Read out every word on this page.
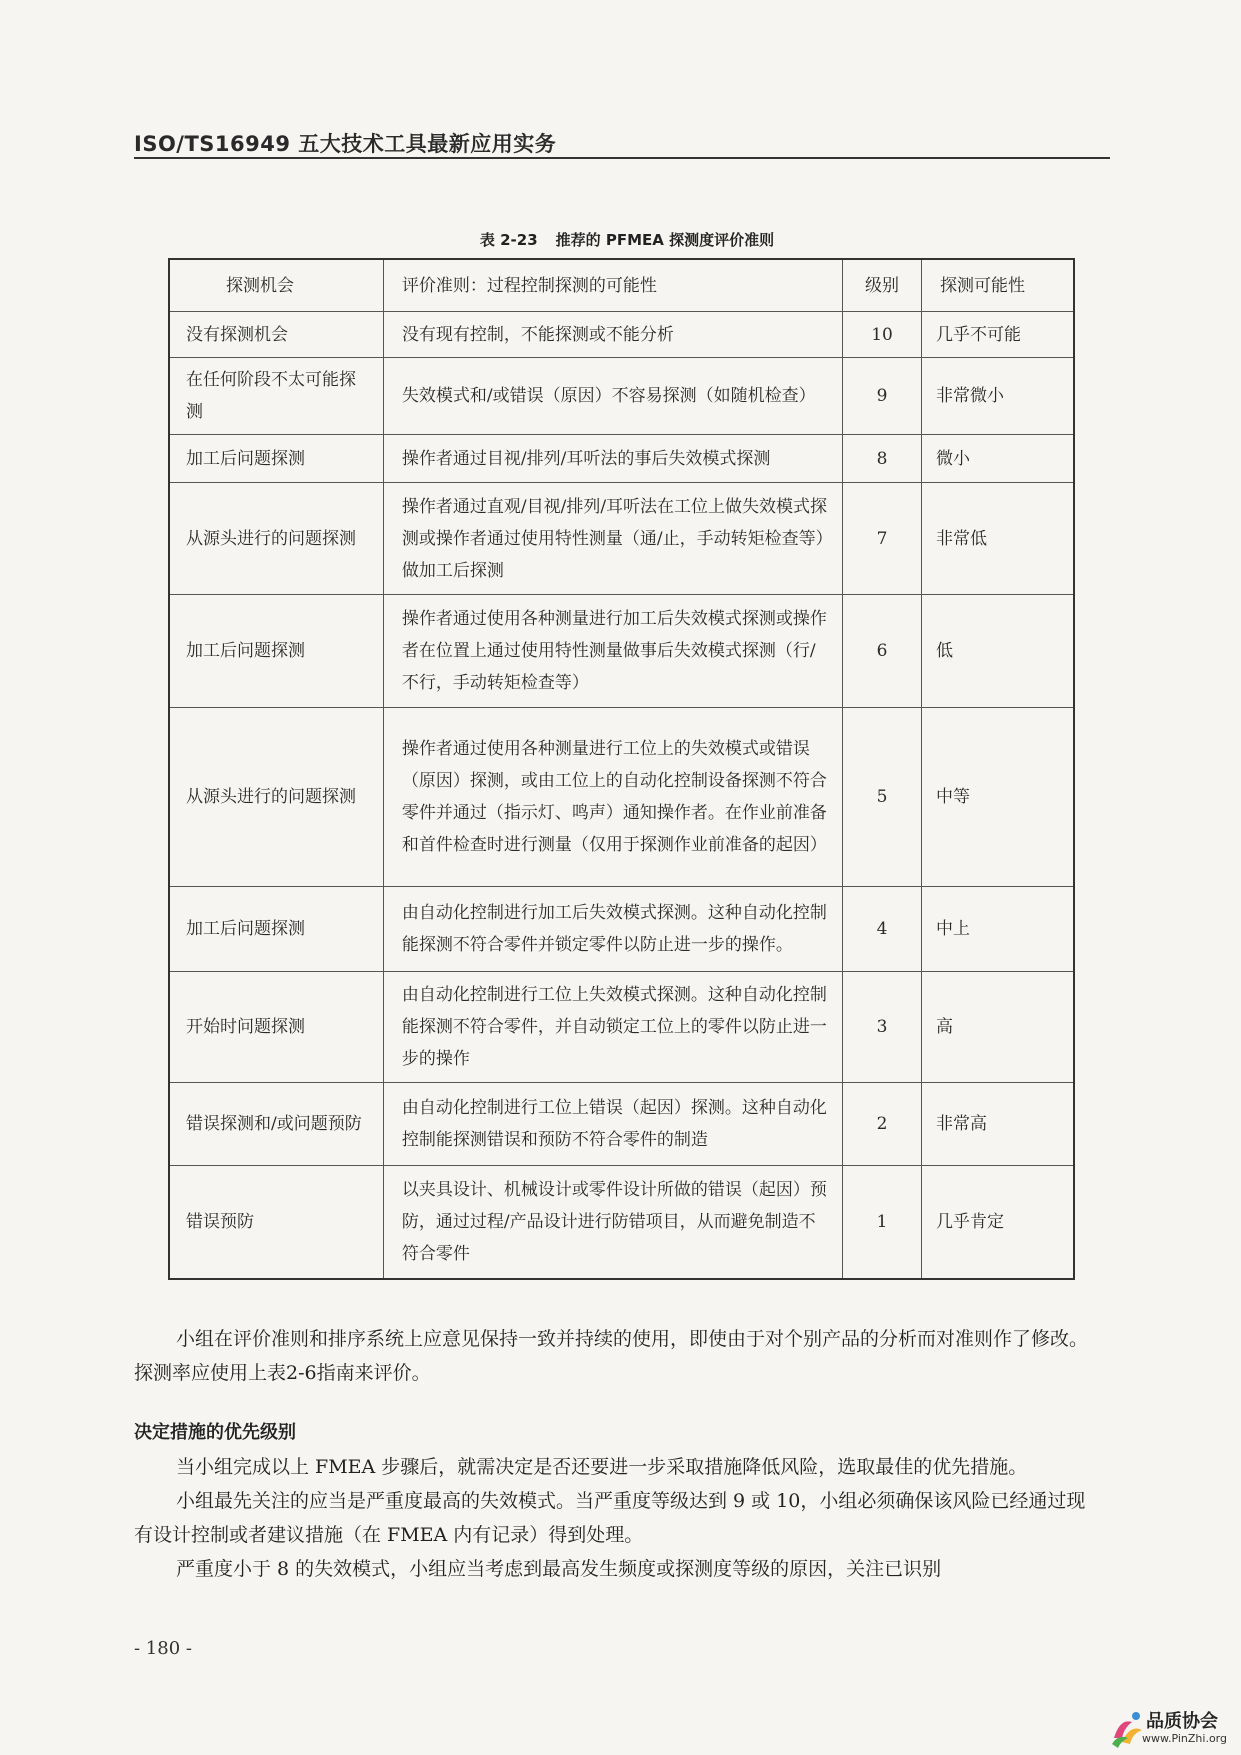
ISO/TS16949 五大技术工具最新应用实务
表 2-23 推荐的 PFMEA 探测度评价准则
探测机会	评价准则：过程控制探测的可能性	级别	探测可能性
没有探测机会	没有现有控制，不能探测或不能分析	10	几乎不可能
在任何阶段不太可能探测	失效模式和/或错误（原因）不容易探测（如随机检查）	9	非常微小
加工后问题探测	操作者通过目视/排列/耳听法的事后失效模式探测	8	微小
从源头进行的问题探测	操作者通过直观/目视/排列/耳听法在工位上做失效模式探测或操作者通过使用特性测量（通/止，手动转矩检查等）做加工后探测	7	非常低
加工后问题探测	操作者通过使用各种测量进行加工后失效模式探测或操作者在位置上通过使用特性测量做事后失效模式探测（行/不行，手动转矩检查等）	6	低
从源头进行的问题探测	操作者通过使用各种测量进行工位上的失效模式或错误（原因）探测，或由工位上的自动化控制设备探测不符合零件并通过（指示灯、鸣声）通知操作者。在作业前准备和首件检查时进行测量（仅用于探测作业前准备的起因）	5	中等
加工后问题探测	由自动化控制进行加工后失效模式探测。这种自动化控制能探测不符合零件并锁定零件以防止进一步的操作。	4	中上
开始时问题探测	由自动化控制进行工位上失效模式探测。这种自动化控制能探测不符合零件，并自动锁定工位上的零件以防止进一步的操作	3	高
错误探测和/或问题预防	由自动化控制进行工位上错误（起因）探测。这种自动化控制能探测错误和预防不符合零件的制造	2	非常高
错误预防	以夹具设计、机械设计或零件设计所做的错误（起因）预防，通过过程/产品设计进行防错项目，从而避免制造不符合零件	1	几乎肯定

小组在评价准则和排序系统上应意见保持一致并持续的使用，即使由于对个别产品的分析而对准则作了修改。探测率应使用上表2-6指南来评价。

决定措施的优先级别

当小组完成以上 FMEA 步骤后，就需决定是否还要进一步采取措施降低风险，选取最佳的优先措施。

小组最先关注的应当是严重度最高的失效模式。当严重度等级达到 9 或 10，小组必须确保该风险已经通过现有设计控制或者建议措施（在 FMEA 内有记录）得到处理。

严重度小于 8 的失效模式，小组应当考虑到最高发生频度或探测度等级的原因，关注已识别

- 180 -
品质协会
www.PinZhi.org
